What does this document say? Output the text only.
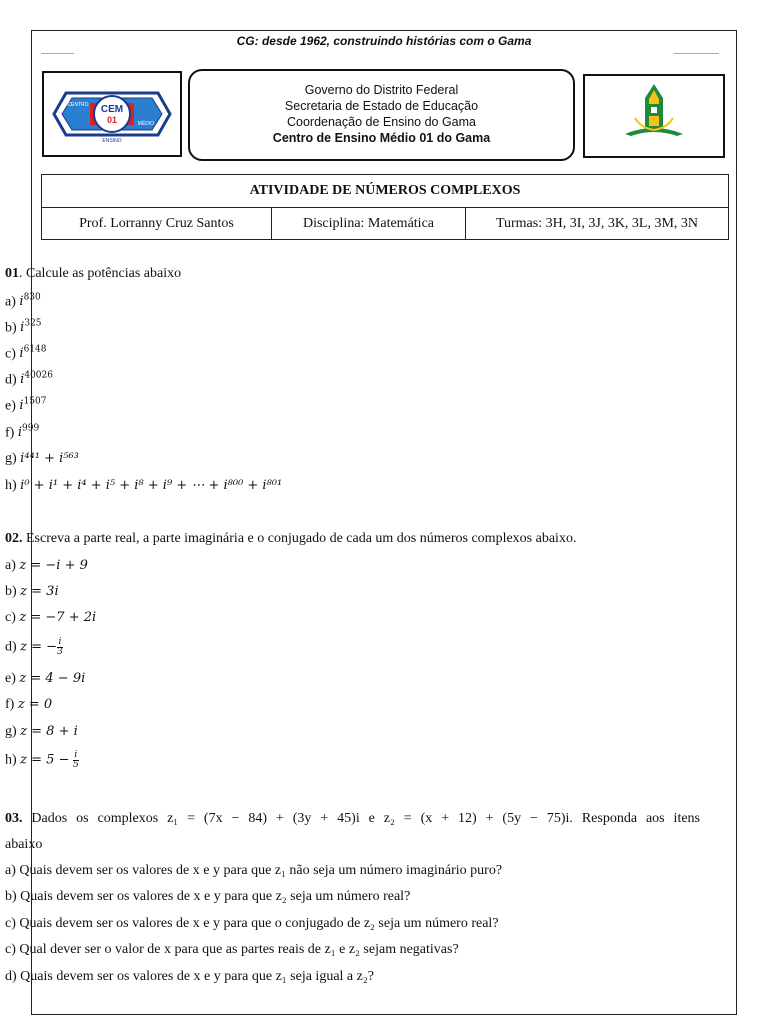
CG: desde 1962, construindo histórias com o Gama
CEM
01
CENTRO
MÉDIO
ENSINO
Governo do Distrito Federal
Secretaria de Estado de Educação
Coordenação de Ensino do Gama
Centro de Ensino Médio 01 do Gama
ATIVIDADE DE NÚMEROS COMPLEXOS
Prof. Lorranny Cruz Santos	Disciplina: Matemática	Turmas: 3H, 3I, 3J, 3K, 3L, 3M, 3N
01. Calcule as potências abaixo
a) $i^{830}$
b) $i^{325}$
c) $i^{6148}$
d) $i^{40026}$
e) $i^{1507}$
f) $i^{999}$
g) i⁴⁴¹ + i⁵⁶³
h) i⁰ + i¹ + i⁴ + i⁵ + i⁸ + i⁹ + ⋯ + i⁸⁰⁰ + i⁸⁰¹
02. Escreva a parte real, a parte imaginária e o conjugado de cada um dos números complexos abaixo.
a) z = −i + 9
b) z = 3i
c) z = −7 + 2i
d) z = − $\frac{i}{3}$
e) z = 4 − 9i
f) z = 0
g) z = 8 + i
h) $z = 5 - \frac{i}{5}$
03. Dados os complexos z₁ = (7x − 84) + (3y + 45)i e z₂ = (x + 12) + (5y − 75)i. Responda aos itens
abaixo
a) Quais devem ser os valores de x e y para que z₁ não seja um número imaginário puro?
b) Quais devem ser os valores de x e y para que z₂ seja um número real?
c) Quais devem ser os valores de x e y para que o conjugado de z₂ seja um número real?
c) Qual dever ser o valor de x para que as partes reais de z₁ e z₂ sejam negativas?
d) Quais devem ser os valores de x e y para que z₁ seja igual a z₂?
